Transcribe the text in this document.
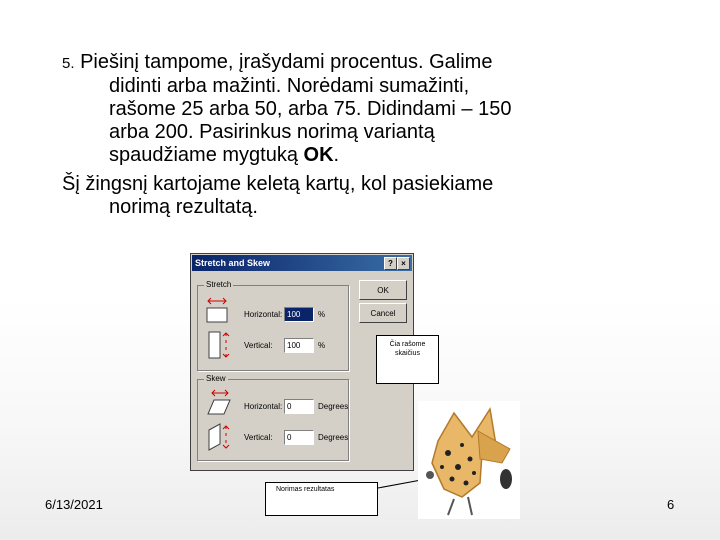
5. Piešinį tampome, įrašydami procentus. Galime
didinti arba mažinti. Norėdami sumažinti,
rašome 25 arba 50, arba 75. Didindami – 150
arba 200. Pasirinkus norimą variantą
spaudžiame mygtuką OK.
Šį žingsnį kartojame keletą kartų, kol pasiekiame
norimą rezultatą.
Stretch and Skew	?	×
Stretch
Horizontal: 100	%
Vertical:	100	%
Skew
Horizontal: 0	Degrees
Vertical:	0	Degrees
OK
Cancel
Čia rašome skaičius
Norimas rezultatas
6/13/2021	6
